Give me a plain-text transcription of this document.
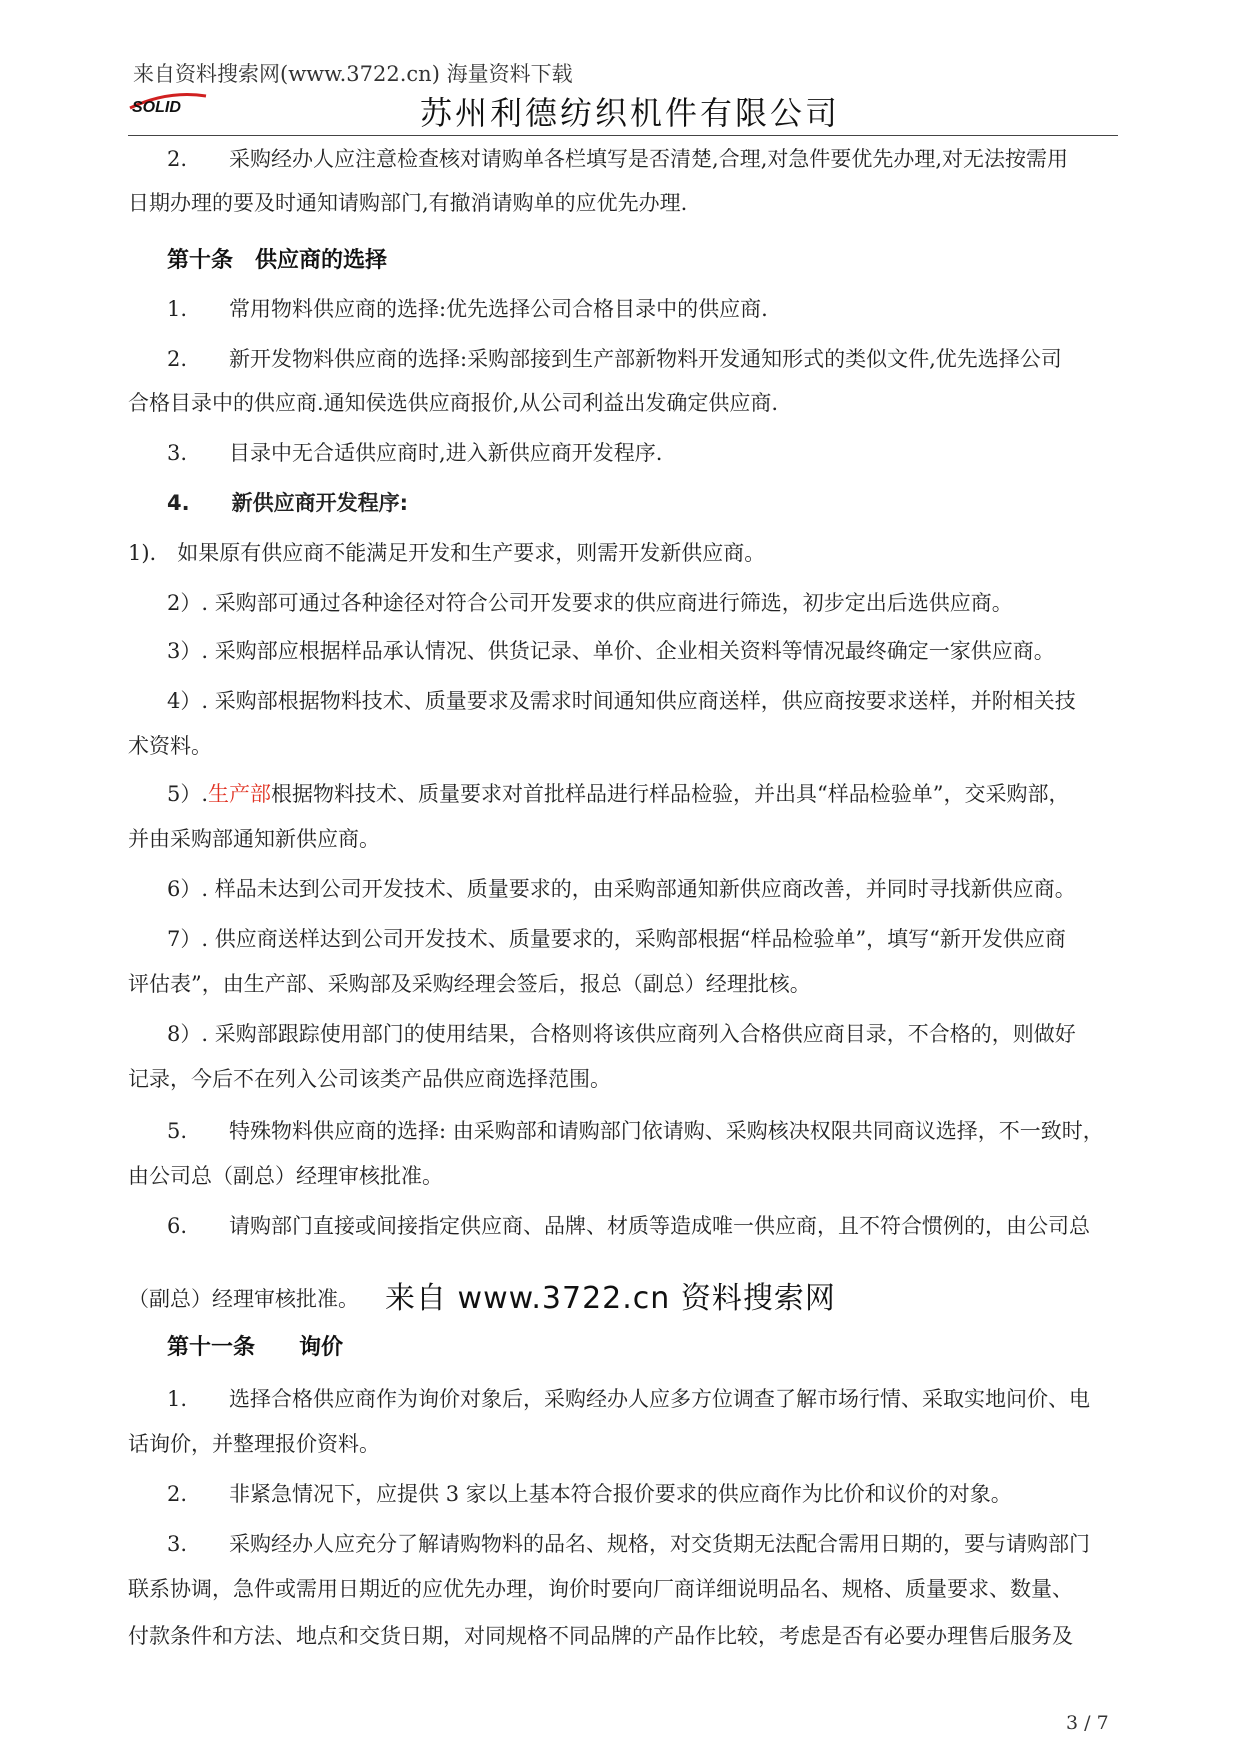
来自资料搜索网(www.3722.cn) 海量资料下载
SOLID	苏州利德纺织机件有限公司
2.　　采购经办人应注意检查核对请购单各栏填写是否清楚,合理,对急件要优先办理,对无法按需用
日期办理的要及时通知请购部门,有撤消请购单的应优先办理.
第十条　供应商的选择
1.　　常用物料供应商的选择:优先选择公司合格目录中的供应商.
2.　　新开发物料供应商的选择:采购部接到生产部新物料开发通知形式的类似文件,优先选择公司
合格目录中的供应商.通知侯选供应商报价,从公司利益出发确定供应商.
3.　　目录中无合适供应商时,进入新供应商开发程序.
4.　　新供应商开发程序:
1).　如果原有供应商不能满足开发和生产要求，则需开发新供应商。
2）. 采购部可通过各种途径对符合公司开发要求的供应商进行筛选，初步定出后选供应商。
3）. 采购部应根据样品承认情况、供货记录、单价、企业相关资料等情况最终确定一家供应商。
4）. 采购部根据物料技术、质量要求及需求时间通知供应商送样，供应商按要求送样，并附相关技
术资料。
5）.生产部根据物料技术、质量要求对首批样品进行样品检验，并出具“样品检验单”，交采购部，
并由采购部通知新供应商。
6）. 样品未达到公司开发技术、质量要求的，由采购部通知新供应商改善，并同时寻找新供应商。
7）. 供应商送样达到公司开发技术、质量要求的，采购部根据“样品检验单”，填写“新开发供应商
评估表”，由生产部、采购部及采购经理会签后，报总（副总）经理批核。
8）. 采购部跟踪使用部门的使用结果，合格则将该供应商列入合格供应商目录，不合格的，则做好
记录，今后不在列入公司该类产品供应商选择范围。
5.　　特殊物料供应商的选择: 由采购部和请购部门依请购、采购核决权限共同商议选择，不一致时，
由公司总（副总）经理审核批准。
6.　　请购部门直接或间接指定供应商、品牌、材质等造成唯一供应商，且不符合惯例的，由公司总
（副总）经理审核批准。 来自 www.3722.cn 资料搜索网
第十一条　　询价
1.　　选择合格供应商作为询价对象后，采购经办人应多方位调查了解市场行情、采取实地问价、电
话询价，并整理报价资料。
2.　　非紧急情况下，应提供 3 家以上基本符合报价要求的供应商作为比价和议价的对象。
3.　　采购经办人应充分了解请购物料的品名、规格，对交货期无法配合需用日期的，要与请购部门
联系协调，急件或需用日期近的应优先办理，询价时要向厂商详细说明品名、规格、质量要求、数量、
付款条件和方法、地点和交货日期，对同规格不同品牌的产品作比较，考虑是否有必要办理售后服务及
3 / 7
